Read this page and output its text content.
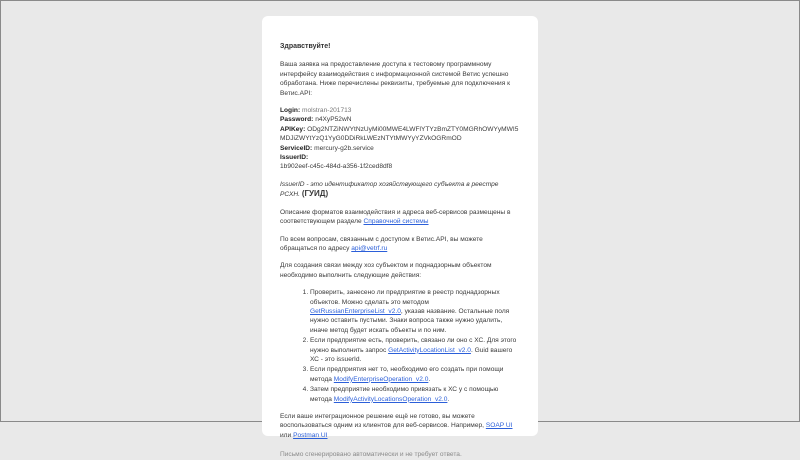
Здравствуйте!

Ваша заявка на предоставление доступа к тестовому программному интерфейсу взаимодействия с информационной системой Ветис успешно обработана. Ниже перечислены реквизиты, требуемые для подключения к Ветис.API:

Login: molstran-201713
Password: n4XyP52wN
APIKey: ODg2NTZiNWYtNzUyMi00MWE4LWFlYTYzBmZTY0MGRhOWYyMWI5MDJiZWYtYzQ1YyG0DDiRkLWEzNTYtMWYyYZVkOGRmOD
ServiceID: mercury-g2b.service
IssuerID:
1b902eef-c45c-484d-a356-1f2ced8df8

IssuerID - это идентификатор хозяйствующего субъекта в реестре РСХН. (ГУИД)

Описание форматов взаимодействия и адреса веб-сервисов размещены в соответствующем разделе Справочной системы

По всем вопросам, связанным с доступом к Ветис.API, вы можете обращаться по адресу api@vetrf.ru

Для создания связи между хоз субъектом и поднадзорным объектом необходимо выполнить следующие действия:

1. Проверить, занесено ли предприятие в реестр поднадзорных объектов. Можно сделать это методом GetRussianEnterpriseList_v2.0, указав название. Остальные поля нужно оставить пустыми. Знаки вопроса также нужно удалить, иначе метод будет искать объекты и по ним.
2. Если предприятие есть, проверить, связано ли оно с ХС. Для этого нужно выполнить запрос GetActivityLocationList_v2.0. Guid вашего ХС - это issuerId.
3. Если предприятия нет то, необходимо его создать при помощи метода ModifyEnterpriseOperation_v2.0.
4. Затем предприятие необходимо привязать к ХС у с помощью метода ModifyActivityLocationsOperation_v2.0.

Если ваше интеграционное решение ещё не готово, вы можете воспользоваться одним из клиентов для веб-сервисов. Например, SOAP UI или Postman UI

Письмо сгенерировано автоматически и не требует ответа.
